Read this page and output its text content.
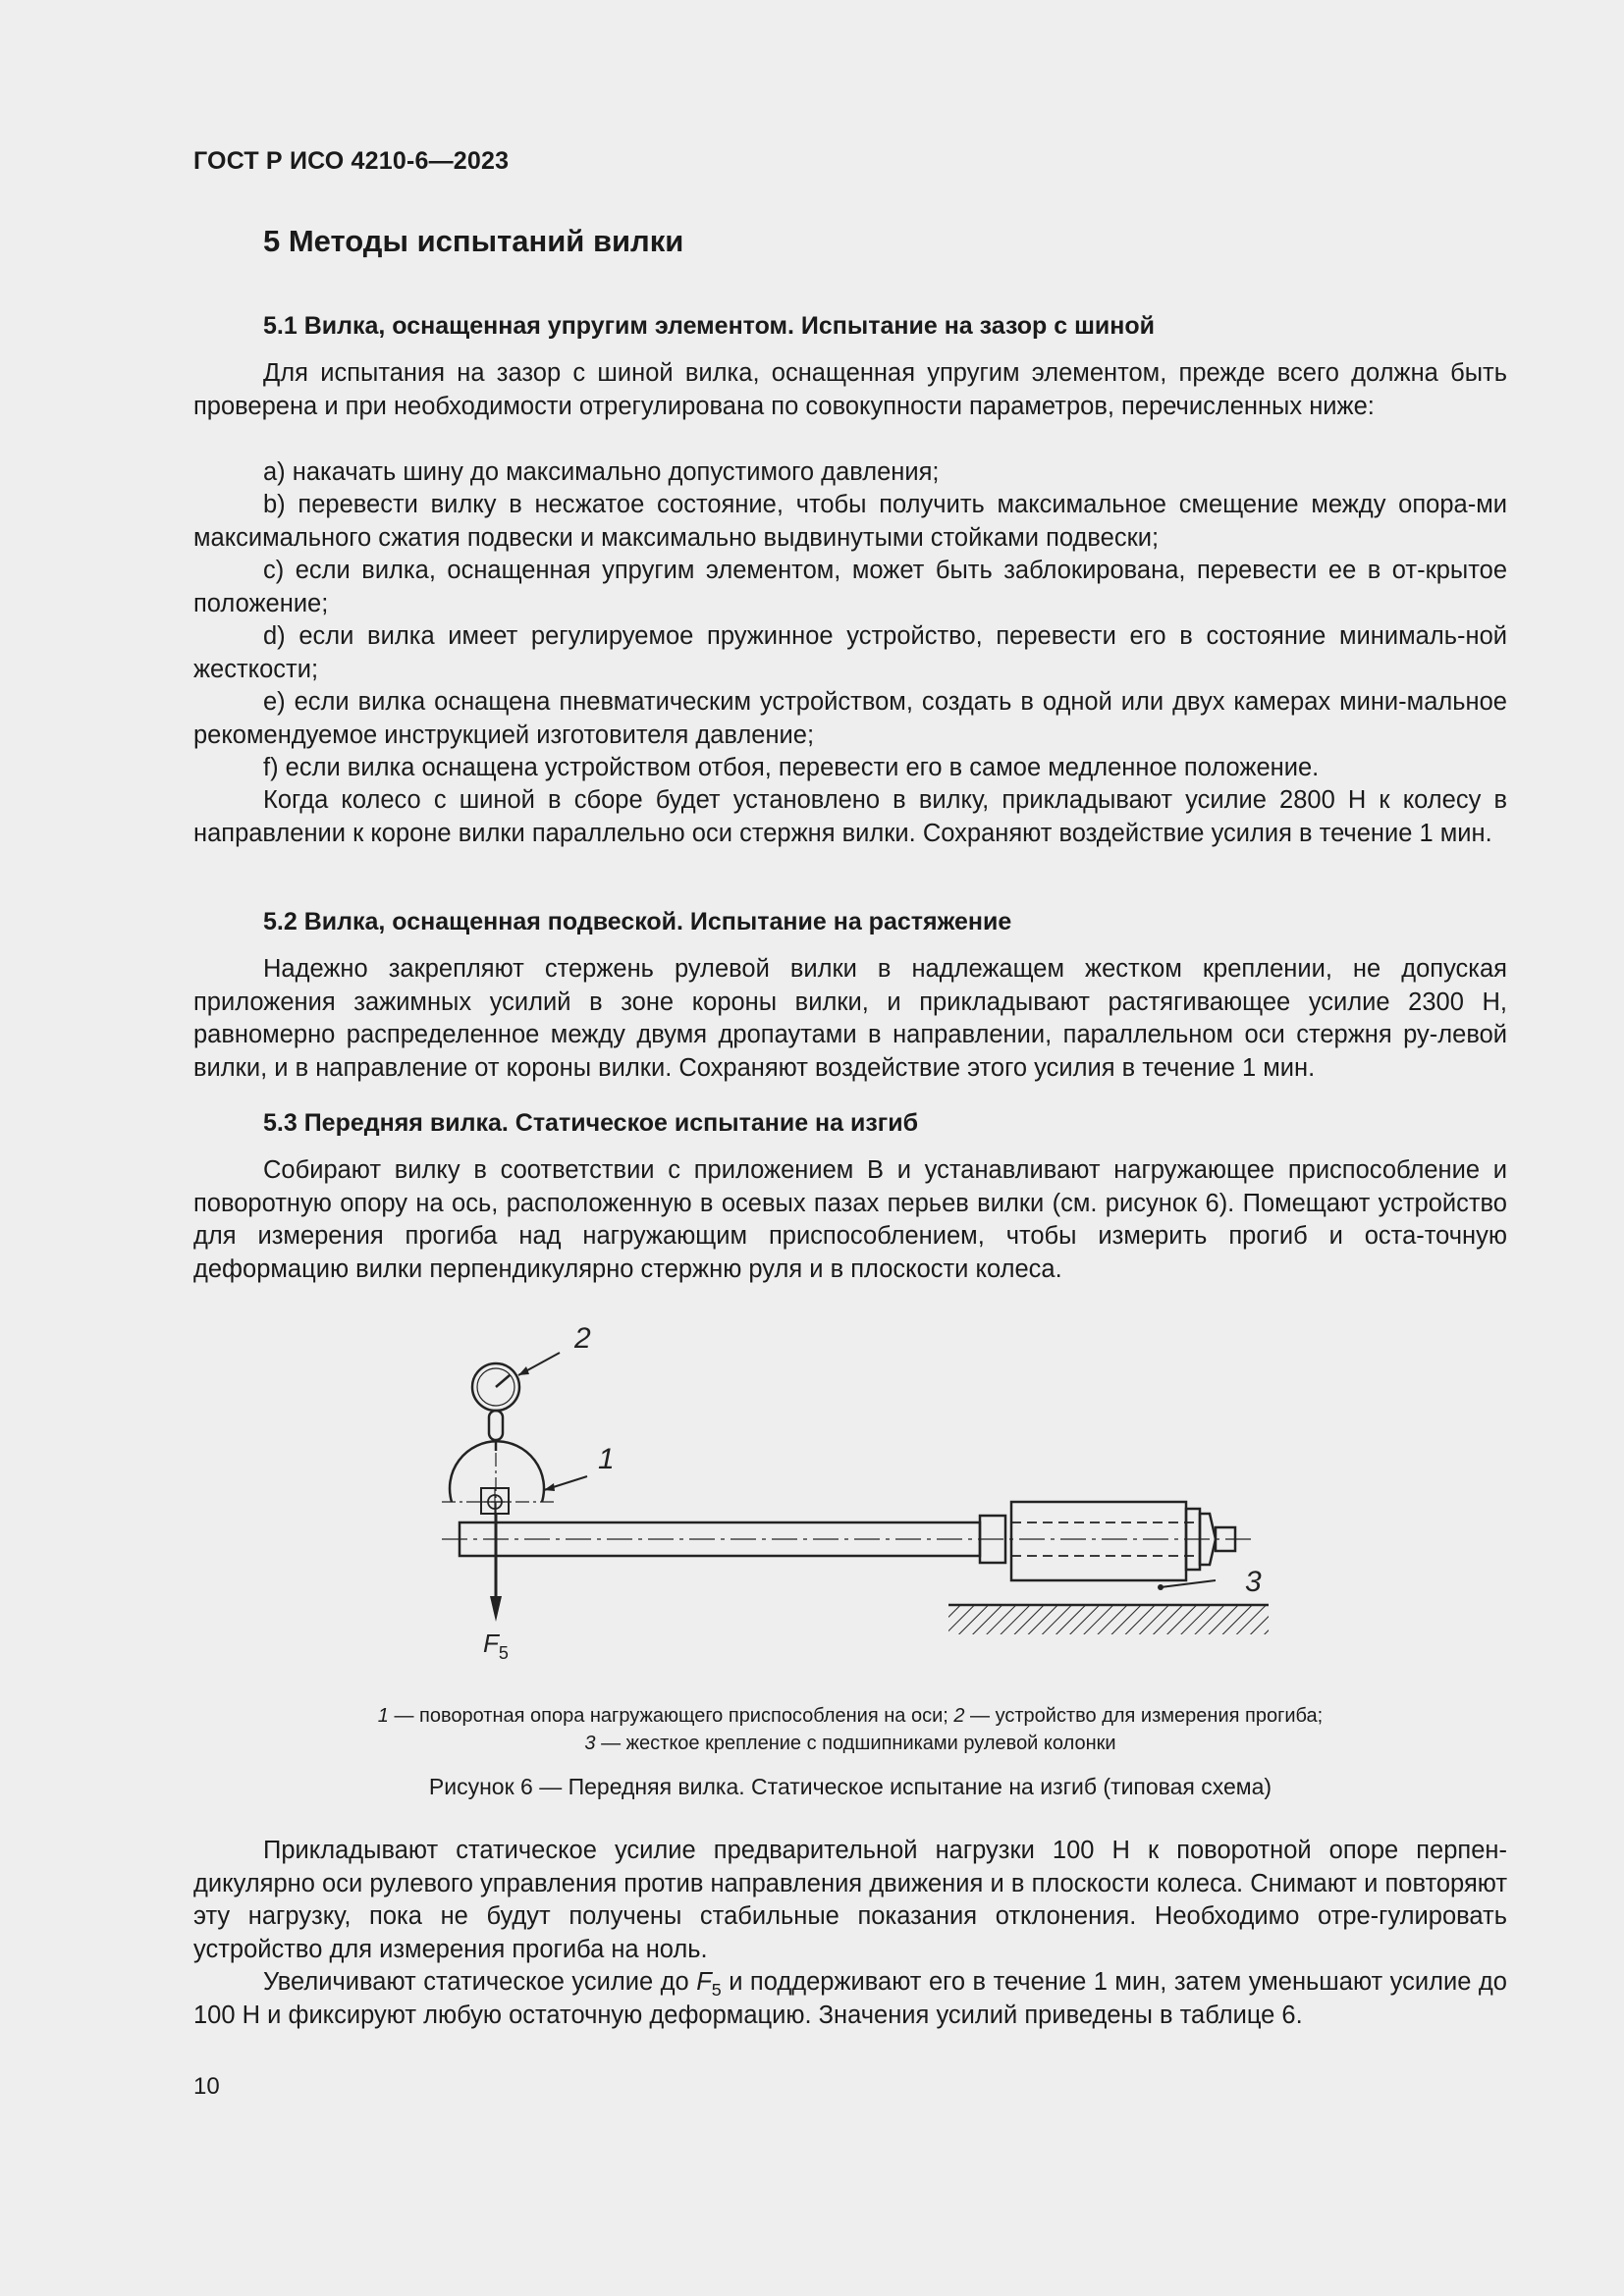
ГОСТ Р ИСО 4210-6—2023
5 Методы испытаний вилки
5.1 Вилка, оснащенная упругим элементом. Испытание на зазор с шиной

Для испытания на зазор с шиной вилка, оснащенная упругим элементом, прежде всего должна быть проверена и при необходимости отрегулирована по совокупности параметров, перечисленных ниже:

a) накачать шину до максимально допустимого давления;

b) перевести вилку в несжатое состояние, чтобы получить максимальное смещение между опора-ми максимального сжатия подвески и максимально выдвинутыми стойками подвески;

c) если вилка, оснащенная упругим элементом, может быть заблокирована, перевести ее в от-крытое положение;

d) если вилка имеет регулируемое пружинное устройство, перевести его в состояние минималь-ной жесткости;

e) если вилка оснащена пневматическим устройством, создать в одной или двух камерах мини-мальное рекомендуемое инструкцией изготовителя давление;

f) если вилка оснащена устройством отбоя, перевести его в самое медленное положение.

Когда колесо с шиной в сборе будет установлено в вилку, прикладывают усилие 2800 Н к колесу в направлении к короне вилки параллельно оси стержня вилки. Сохраняют воздействие усилия в течение 1 мин.

5.2 Вилка, оснащенная подвеской. Испытание на растяжение

Надежно закрепляют стержень рулевой вилки в надлежащем жестком креплении, не допуская приложения зажимных усилий в зоне короны вилки, и прикладывают растягивающее усилие 2300 Н, равномерно распределенное между двумя дропаутами в направлении, параллельном оси стержня ру-левой вилки, и в направление от короны вилки. Сохраняют воздействие этого усилия в течение 1 мин.

5.3 Передняя вилка. Статическое испытание на изгиб

Собирают вилку в соответствии с приложением В и устанавливают нагружающее приспособление и поворотную опору на ось, расположенную в осевых пазах перьев вилки (см. рисунок 6). Помещают устройство для измерения прогиба над нагружающим приспособлением, чтобы измерить прогиб и оста-точную деформацию вилки перпендикулярно стержню руля и в плоскости колеса.

2
1
3
$F_5$
1 — поворотная опора нагружающего приспособления на оси; 2 — устройство для измерения прогиба;
3 — жесткое крепление с подшипниками рулевой колонки
Рисунок 6 — Передняя вилка. Статическое испытание на изгиб (типовая схема)

Прикладывают статическое усилие предварительной нагрузки 100 Н к поворотной опоре перпен-дикулярно оси рулевого управления против направления движения и в плоскости колеса. Снимают и повторяют эту нагрузку, пока не будут получены стабильные показания отклонения. Необходимо отре-гулировать устройство для измерения прогиба на ноль.

Увеличивают статическое усилие до $F_5$ и поддерживают его в течение 1 мин, затем уменьшают усилие до 100 Н и фиксируют любую остаточную деформацию. Значения усилий приведены в таблице 6.

10
